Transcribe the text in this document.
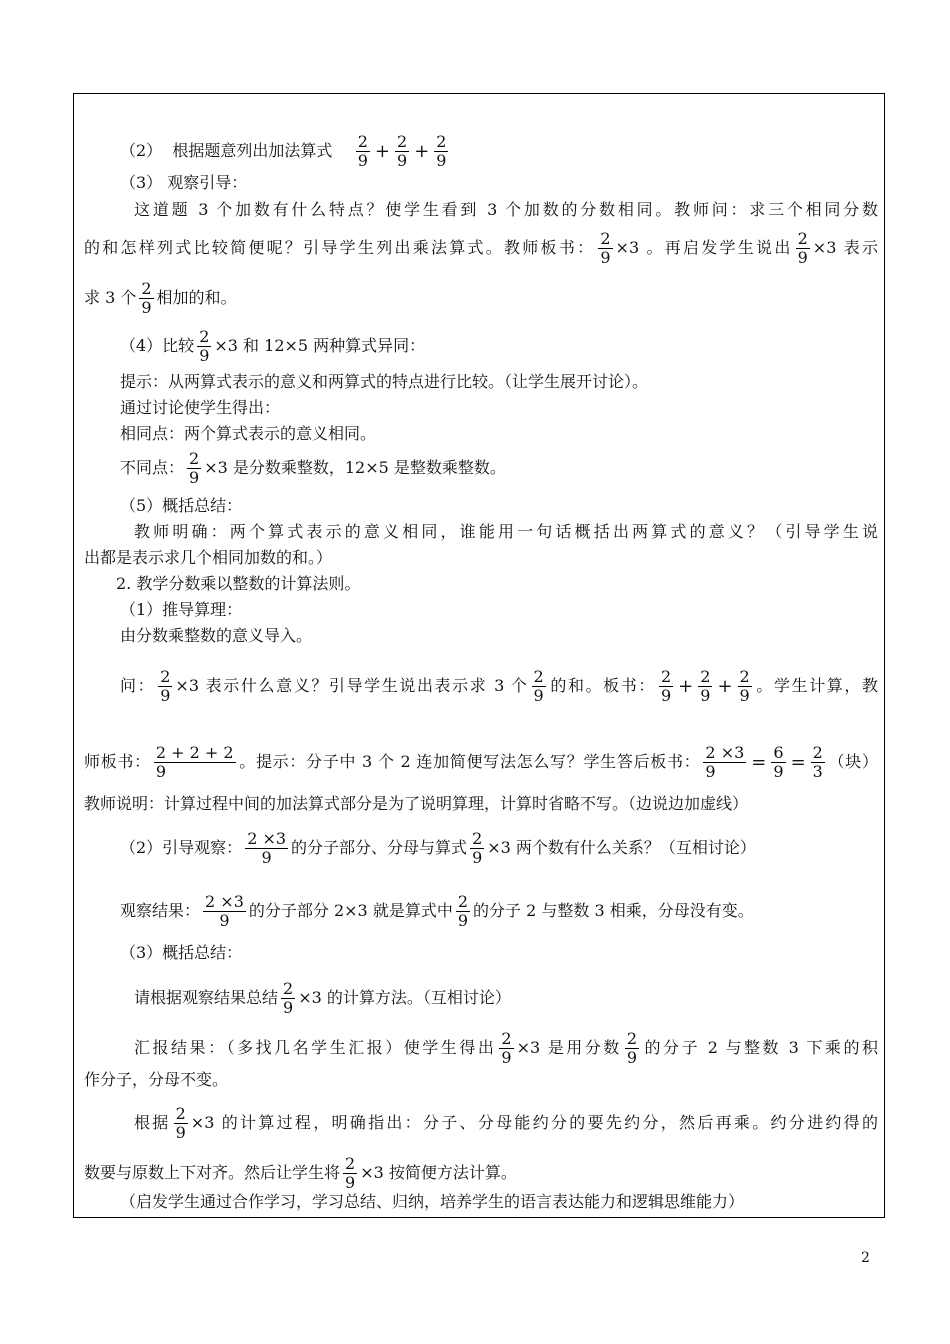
（2） 根据题意列出加法算式 $\frac{2}{9} + \frac{2}{9} + \frac{2}{9}$
（3） 观察引导：
这道题 3 个加数有什么特点？使学生看到 3 个加数的分数相同。教师问：求三个相同分数
的和怎样列式比较简便呢？引导学生列出乘法算式。教师板书： $\frac{2}{9} \times 3$ 。再启发学生说出 $\frac{2}{9} \times 3$ 表示
求 3 个 $\frac{2}{9}$ 相加的和。
（4）比较 $\frac{2}{9} \times 3$ 和 12×5 两种算式异同：
提示：从两算式表示的意义和两算式的特点进行比较。（让学生展开讨论）。
通过讨论使学生得出：
相同点：两个算式表示的意义相同。
不同点： $\frac{2}{9} \times 3$ 是分数乘整数，12×5 是整数乘整数。
（5）概括总结：
教师明确：两个算式表示的意义相同，谁能用一句话概括出两算式的意义？（引导学生说
出都是表示求几个相同加数的和。）
2. 教学分数乘以整数的计算法则。
（1）推导算理：
由分数乘整数的意义导入。
问： $\frac{2}{9} \times 3$ 表示什么意义？引导学生说出表示求 3 个 $\frac{2}{9}$ 的和。板书： $\frac{2}{9} + \frac{2}{9} + \frac{2}{9}$ 。学生计算，教
师板书： $\frac{2 + 2 + 2}{9}$ 。提示：分子中 3 个 2 连加简便写法怎么写？学生答后板书： $\frac{2 \times 3}{9} = \frac{6}{9} = \frac{2}{3}$ （块）
教师说明：计算过程中间的加法算式部分是为了说明算理，计算时省略不写。（边说边加虚线）
（2）引导观察： $\frac{2 \times 3}{9}$ 的分子部分、分母与算式 $\frac{2}{9} \times 3$ 两个数有什么关系？（互相讨论）
观察结果： $\frac{2 \times 3}{9}$ 的分子部分 2×3 就是算式中 $\frac{2}{9}$ 的分子 2 与整数 3 相乘，分母没有变。
（3）概括总结：
请根据观察结果总结 $\frac{2}{9} \times 3$ 的计算方法。（互相讨论）
汇报结果：（多找几名学生汇报）使学生得出 $\frac{2}{9} \times 3$ 是用分数 $\frac{2}{9}$ 的分子 2 与整数 3 下乘的积
作分子，分母不变。
根据 $\frac{2}{9} \times 3$ 的计算过程，明确指出：分子、分母能约分的要先约分，然后再乘。约分进约得的
数要与原数上下对齐。然后让学生将 $\frac{2}{9} \times 3$ 按简便方法计算。
（启发学生通过合作学习，学习总结、归纳，培养学生的语言表达能力和逻辑思维能力）
2
